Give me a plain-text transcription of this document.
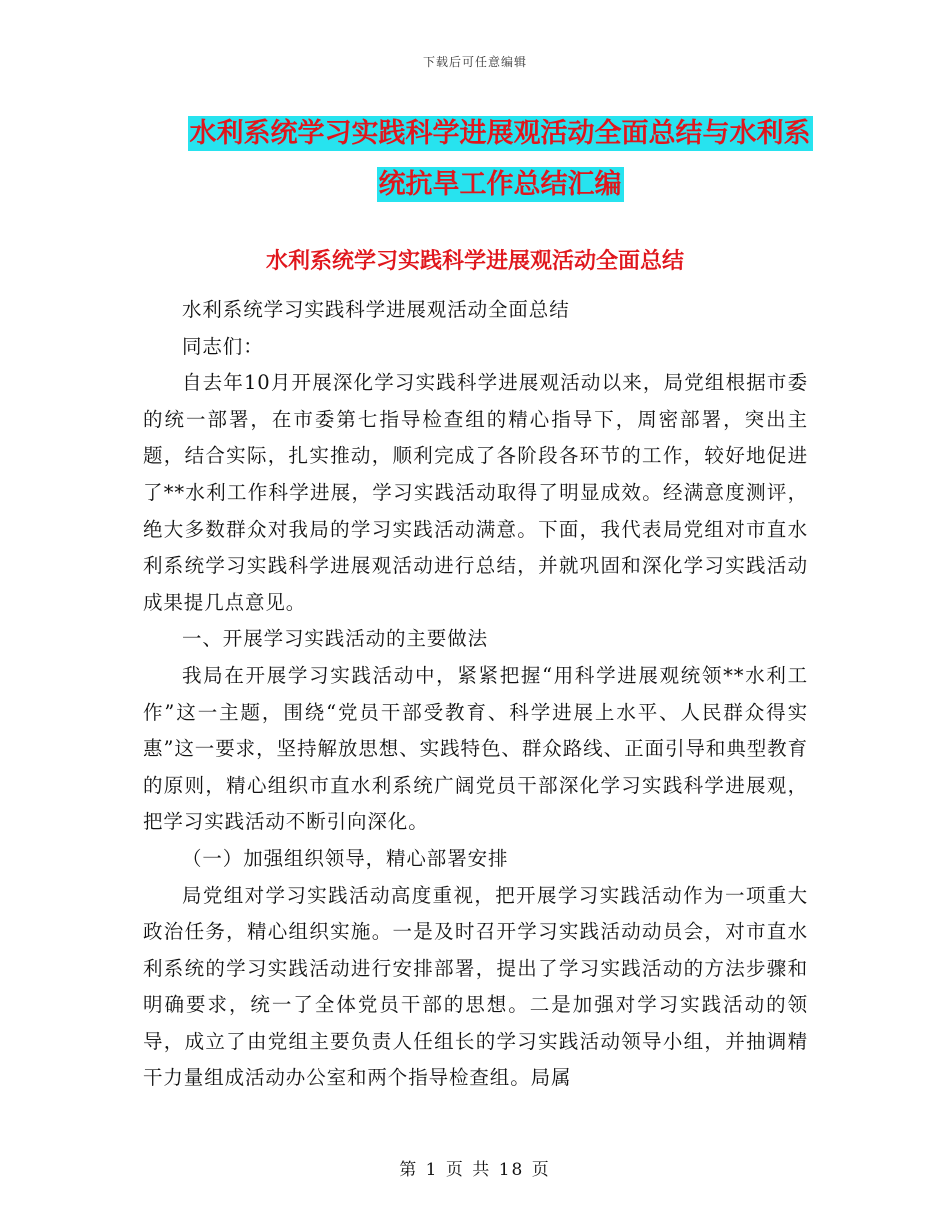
下载后可任意编辑
水利系统学习实践科学进展观活动全面总结与水利系
统抗旱工作总结汇编
水利系统学习实践科学进展观活动全面总结

水利系统学习实践科学进展观活动全面总结

同志们：

自去年10月开展深化学习实践科学进展观活动以来，局党组根据市委的统一部署，在市委第七指导检查组的精心指导下，周密部署，突出主题，结合实际，扎实推动，顺利完成了各阶段各环节的工作，较好地促进了**水利工作科学进展，学习实践活动取得了明显成效。经满意度测评，绝大多数群众对我局的学习实践活动满意。下面，我代表局党组对市直水利系统学习实践科学进展观活动进行总结，并就巩固和深化学习实践活动成果提几点意见。

一、开展学习实践活动的主要做法

我局在开展学习实践活动中，紧紧把握“用科学进展观统领**水利工作”这一主题，围绕“党员干部受教育、科学进展上水平、人民群众得实惠”这一要求，坚持解放思想、实践特色、群众路线、正面引导和典型教育的原则，精心组织市直水利系统广阔党员干部深化学习实践科学进展观，把学习实践活动不断引向深化。

（一）加强组织领导，精心部署安排

局党组对学习实践活动高度重视，把开展学习实践活动作为一项重大政治任务，精心组织实施。一是及时召开学习实践活动动员会，对市直水利系统的学习实践活动进行安排部署，提出了学习实践活动的方法步骤和明确要求，统一了全体党员干部的思想。二是加强对学习实践活动的领导，成立了由党组主要负责人任组长的学习实践活动领导小组，并抽调精干力量组成活动办公室和两个指导检查组。局属

第 1 页 共 18 页
